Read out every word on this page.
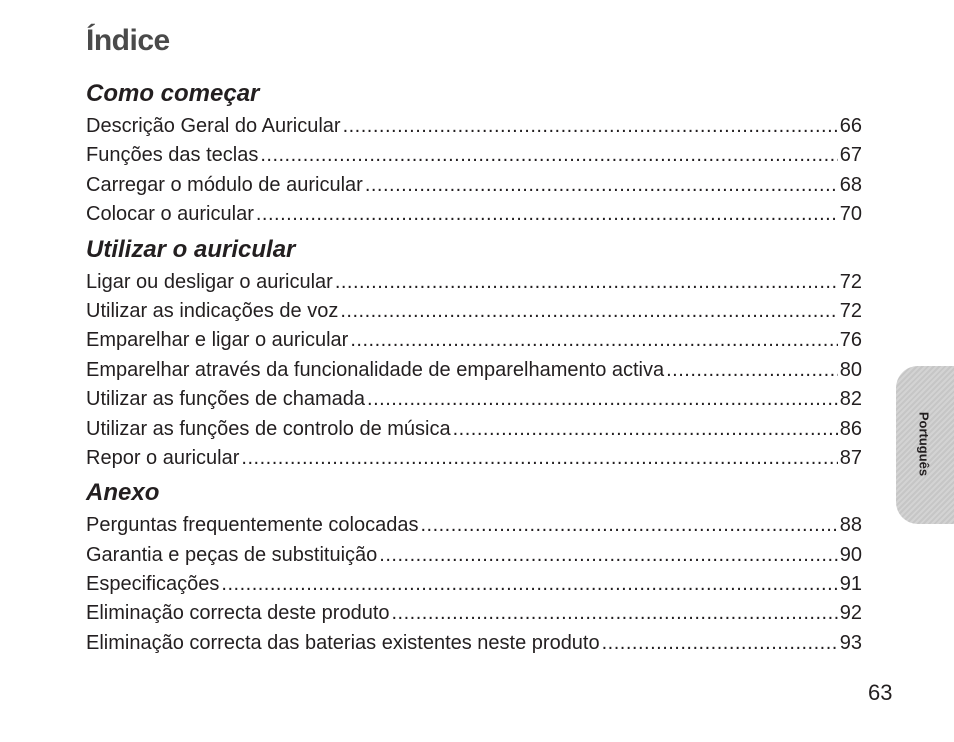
Índice
Como começar
Descrição Geral do Auricular .....	66
Funções das teclas .....	67
Carregar o módulo de auricular .....	68
Colocar o auricular .....	70
Utilizar o auricular
Ligar ou desligar o auricular .....	72
Utilizar as indicações de voz .....	72
Emparelhar e ligar o auricular .....	76
Emparelhar através da funcionalidade de emparelhamento activa .....	80
Utilizar as funções de chamada .....	82
Utilizar as funções de controlo de música .....	86
Repor o auricular .....	87
Anexo
Perguntas frequentemente colocadas .....	88
Garantia e peças de substituição .....	90
Especificações .....	91
Eliminação correcta deste produto .....	92
Eliminação correcta das baterias existentes neste produto .....	93
Português
63
